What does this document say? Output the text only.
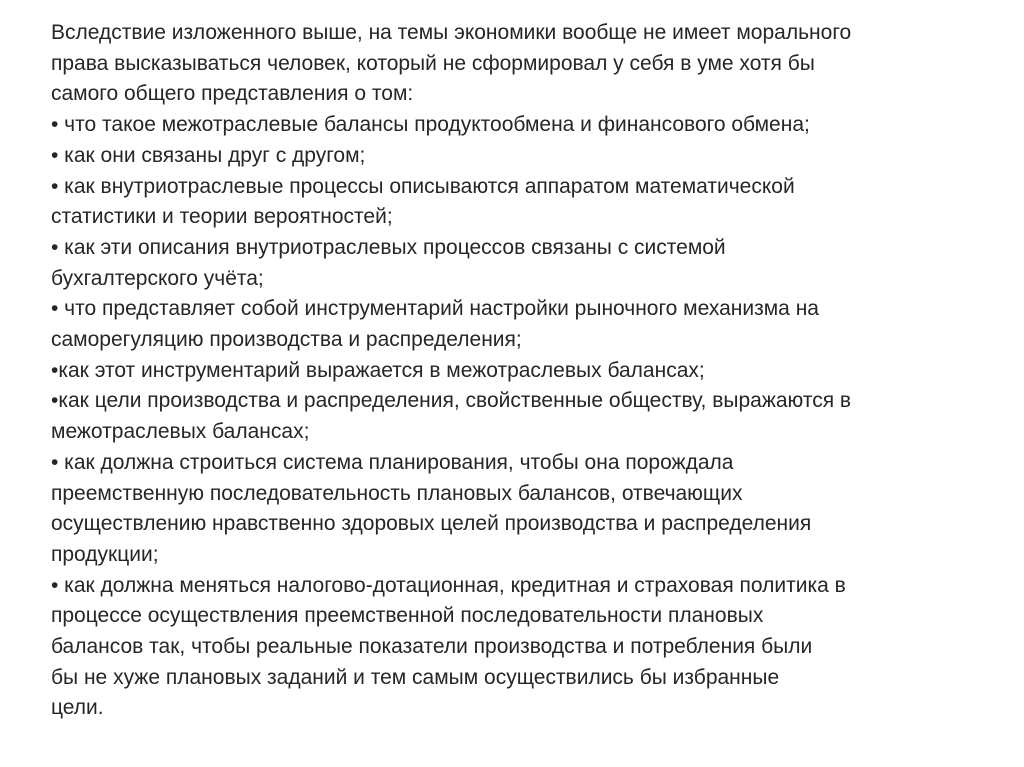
Вследствие изложенного выше, на темы экономики вообще не имеет морального
права высказываться человек, который не сформировал у себя в уме хотя бы
самого общего представления о том:
• что такое межотраслевые балансы продуктообмена и финансового обмена;
• как они связаны друг с другом;
• как внутриотраслевые процессы описываются аппаратом математической
статистики и теории вероятностей;
• как эти описания внутриотраслевых процессов связаны с системой
бухгалтерского учёта;
• что представляет собой инструментарий настройки рыночного механизма на
саморегуляцию производства и распределения;
•как этот инструментарий выражается в межотраслевых балансах;
•как цели производства и распределения, свойственные обществу, выражаются в
межотраслевых балансах;
• как должна строиться система планирования, чтобы она порождала
преемственную последовательность плановых балансов, отвечающих
осуществлению нравственно здоровых целей производства и распределения
продукции;
• как должна меняться налогово-дотационная, кредитная и страховая политика в
процессе осуществления преемственной последовательности плановых
балансов так, чтобы реальные показатели производства и потребления были
бы не хуже плановых заданий и тем самым осуществились бы избранные
цели.
